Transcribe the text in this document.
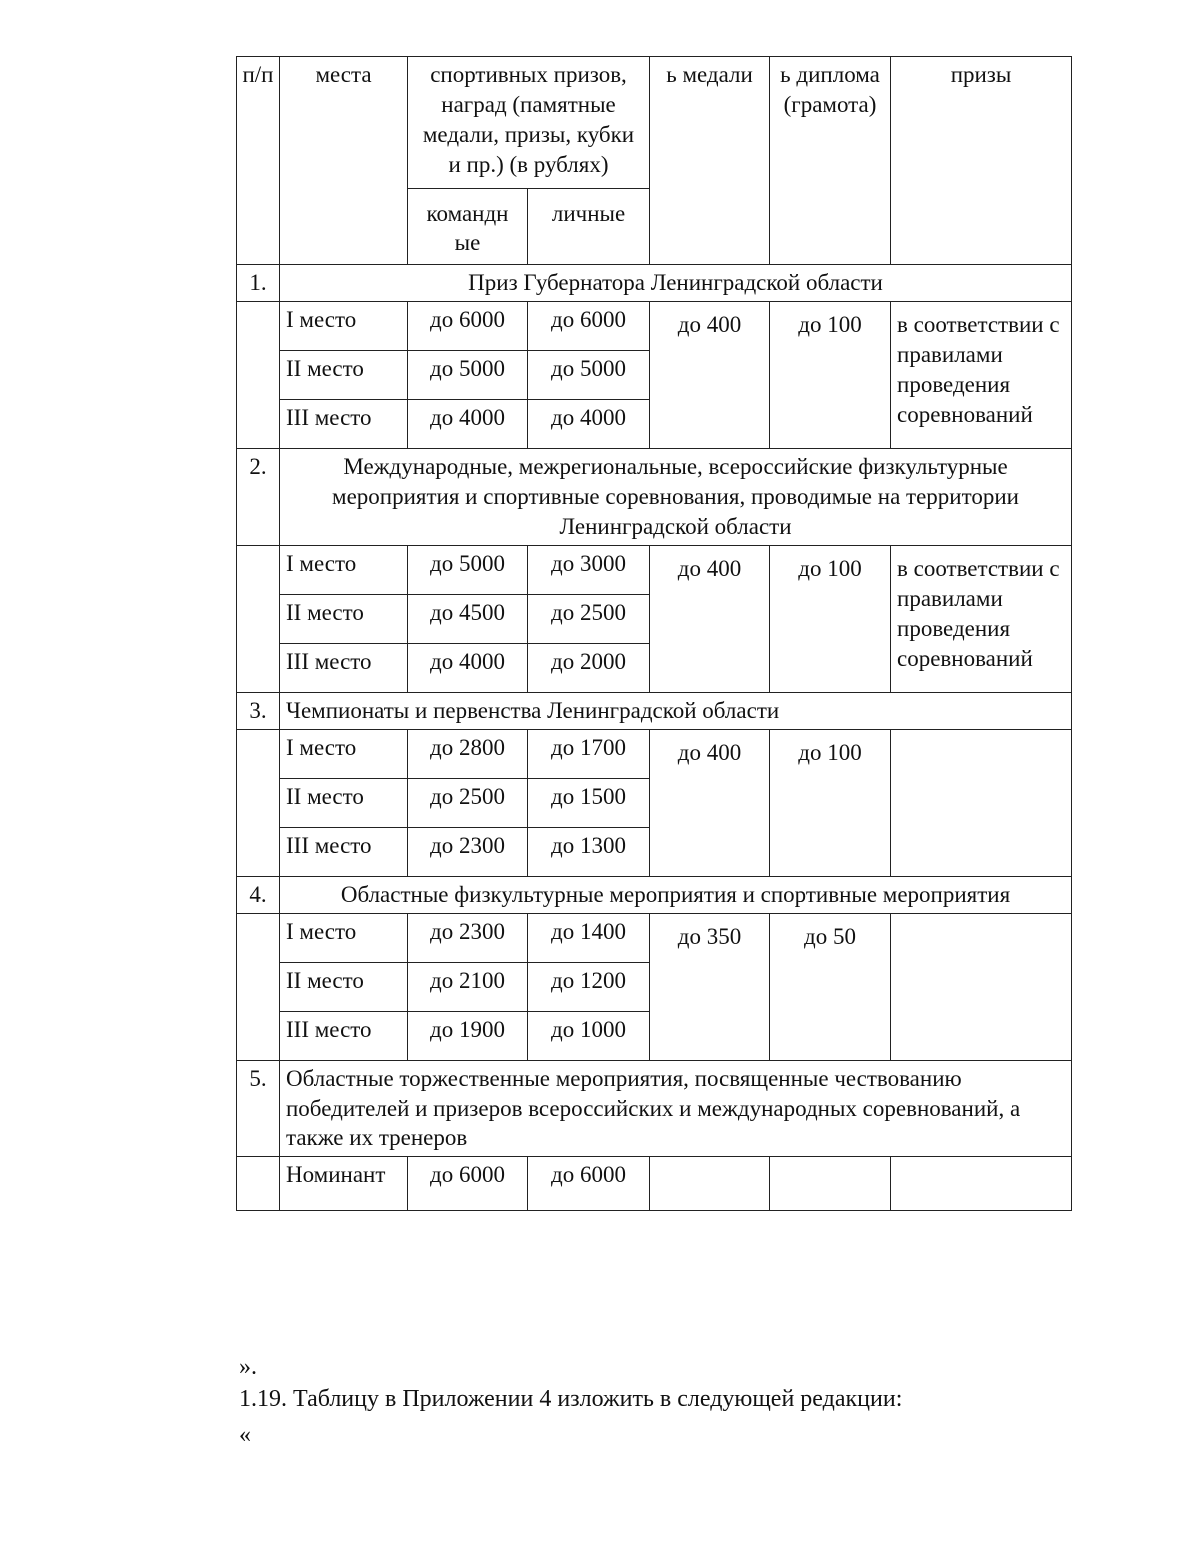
п/п	места	спортивных призов, наград (памятные медали, призы, кубки и пр.) (в рублях)		ь медали	ь диплома (грамота)	призы
		командн ые	личные			
1.	Приз Губернатора Ленинградской области					
	I место	до 6000	до 6000	до 400	до 100	в соответствии с правилами проведения соревнований
	II место	до 5000	до 5000			
	III место	до 4000	до 4000			
2.	Международные, межрегиональные, всероссийские физкультурные мероприятия и спортивные соревнования, проводимые на территории Ленинградской области					
	I место	до 5000	до 3000	до 400	до 100	в соответствии с правилами проведения соревнований
	II место	до 4500	до 2500			
	III место	до 4000	до 2000			
3.	Чемпионаты и первенства Ленинградской области					
	I место	до 2800	до 1700	до 400	до 100	
	II место	до 2500	до 1500			
	III место	до 2300	до 1300			
4.	Областные физкультурные мероприятия и спортивные мероприятия					
	I место	до 2300	до 1400	до 350	до 50	
	II место	до 2100	до 1200			
	III место	до 1900	до 1000			
5.	Областные торжественные мероприятия, посвященные чествованию победителей и призеров всероссийских и международных соревнований, а также их тренеров					
	Номинант	до 6000	до 6000			
».
1.19. Таблицу в Приложении 4 изложить в следующей редакции:
«
